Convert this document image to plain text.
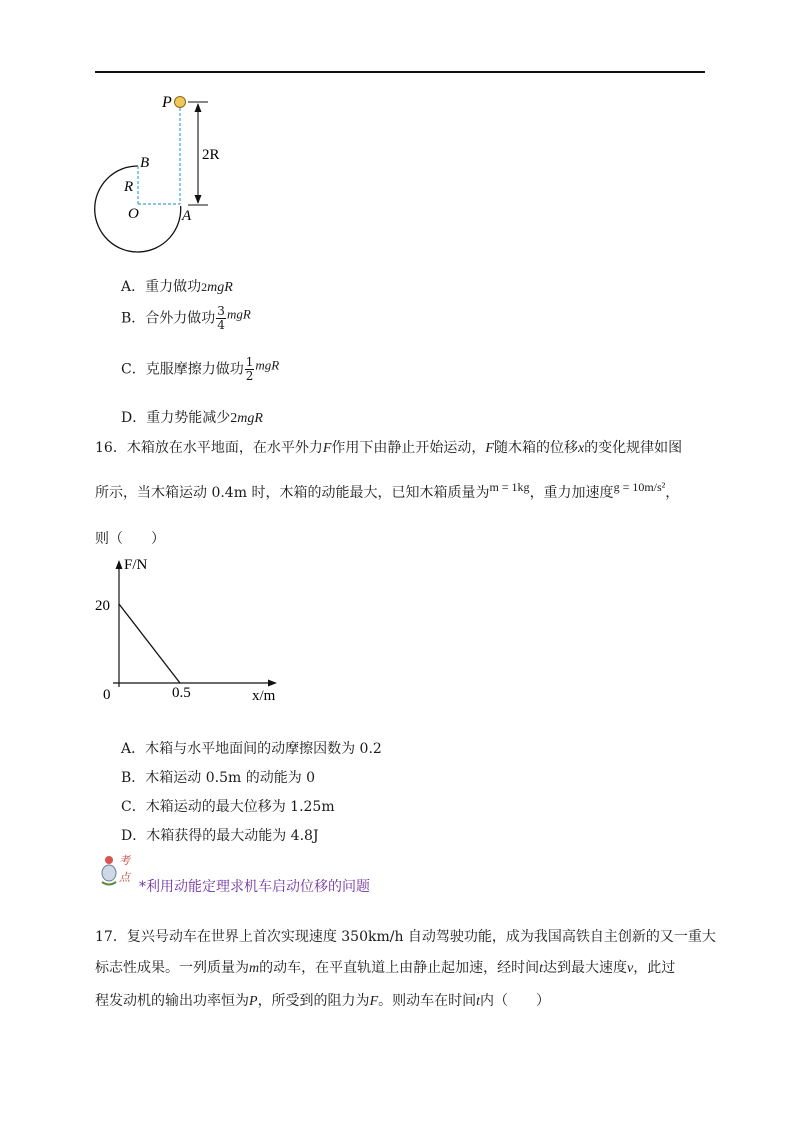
P
B
R
O	A
2R
A．重力做功2mgR
B．合外力做功 $\frac{3}{4}$ mgR
C．克服摩擦力做功 $\frac{1}{2}$ mgR
D．重力势能减少2mgR
16．木箱放在水平地面，在水平外力F作用下由静止开始运动，F随木箱的位移x的变化规律如图
所示，当木箱运动 0.4m 时，木箱的动能最大，已知木箱质量为m = 1kg，重力加速度g = 10m/s²，
则（　　）
F/N
x/m
0	0.5
20
A．木箱与水平地面间的动摩擦因数为 0.2
B．木箱运动 0.5m 的动能为 0
C．木箱运动的最大位移为 1.25m
D．木箱获得的最大动能为 4.8J
考
点
*利用动能定理求机车启动位移的问题
17．复兴号动车在世界上首次实现速度 350km/h 自动驾驶功能，成为我国高铁自主创新的又一重大
标志性成果。一列质量为m的动车，在平直轨道上由静止起加速，经时间t达到最大速度v，此过
程发动机的输出功率恒为P，所受到的阻力为F。则动车在时间t内（　　）
